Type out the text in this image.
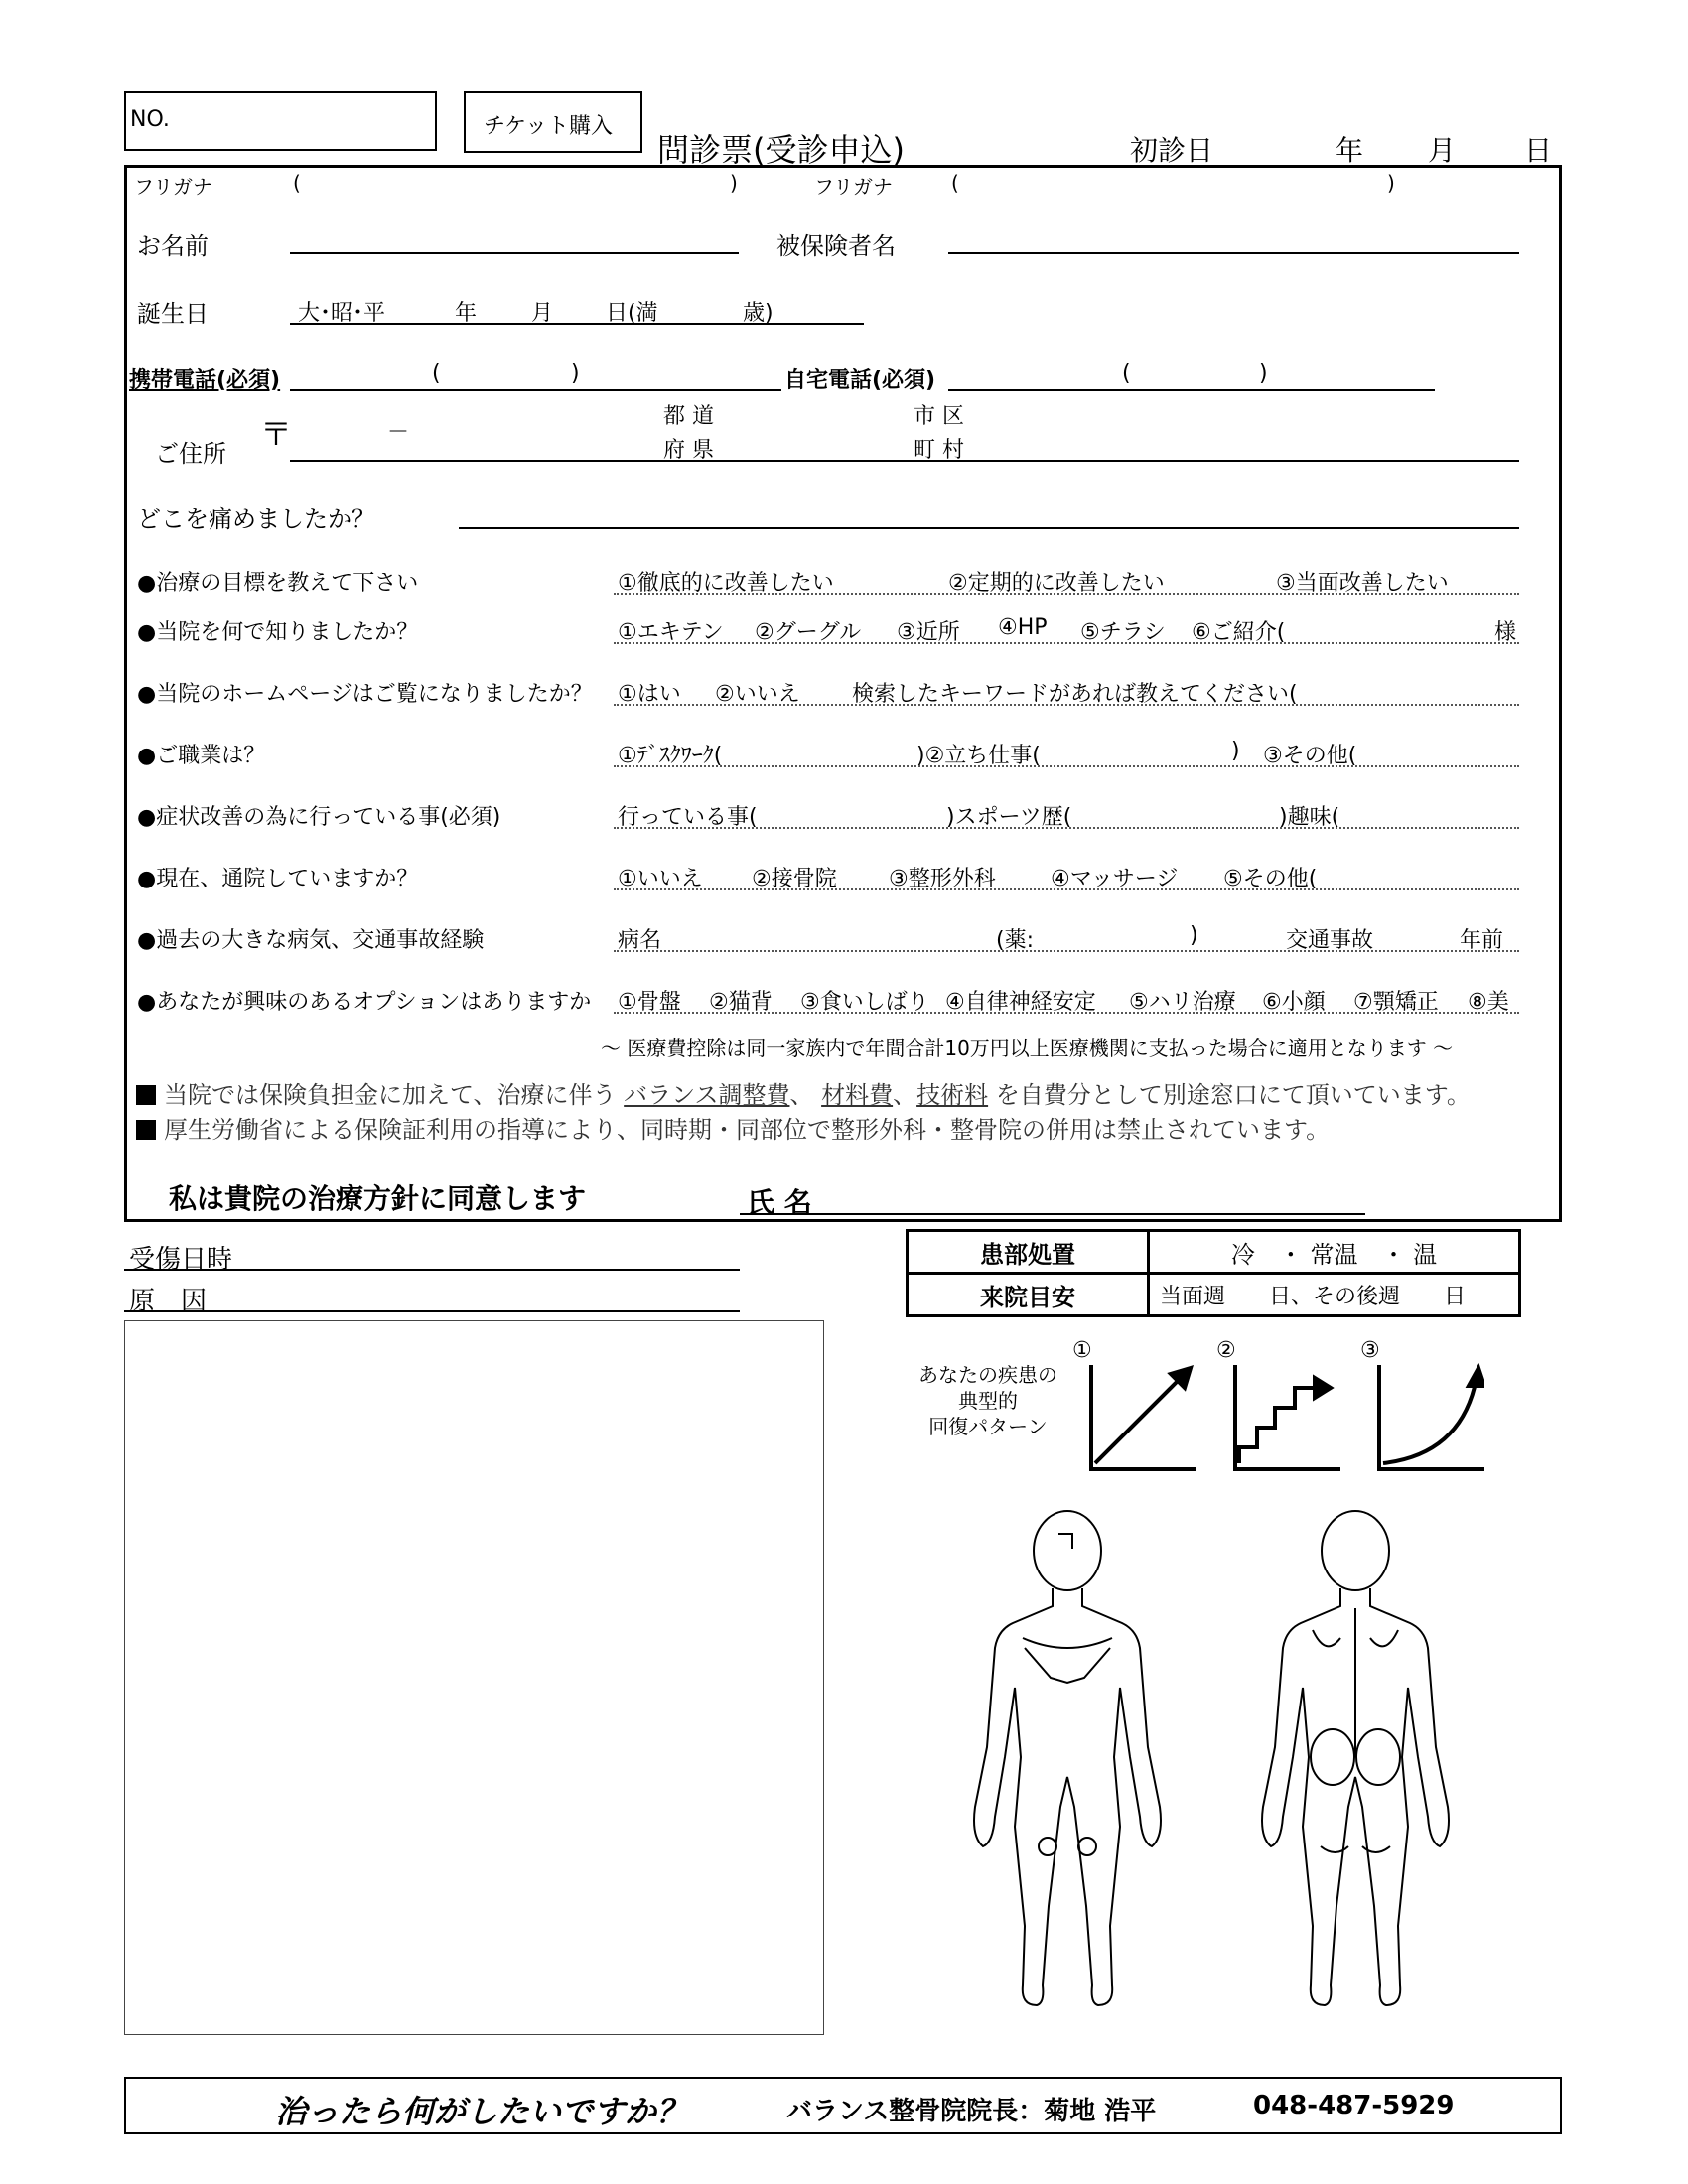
NO.	チケット購入
問診票(受診申込)	初診日	年 月 日
フリガナ	(	)	フリガナ	(	)
お名前	被保険者名
誕生日	大･昭･平	年 月 日(満	歳)
携帯電話(必須)	(	)	自宅電話(必須)	(	)
ご住所
〒	－
都 道
府 県
市 区
町 村
どこを痛めましたか？
●治療の目標を教えて下さい	①徹底的に改善したい	②定期的に改善したい	③当面改善したい
●当院を何で知りましたか？	①エキテン ②グーグル ③近所 ④HP ⑤チラシ ⑥ご紹介(	様
●当院のホームページはご覧になりましたか？ ①はい ②いいえ 検索したキーワードがあれば教えてください(
●ご職業は？	①ﾃﾞｽｸﾜｰｸ(	)②立ち仕事(	) ③その他(
●症状改善の為に行っている事(必須)	行っている事(	)スポーツ歴(	)趣味(
●現在、通院していますか？	①いいえ ②接骨院 ③整形外科	④マッサージ ⑤その他(
●過去の大きな病気、交通事故経験	病名	(薬:	)	交通事故	年前
●あなたが興味のあるオプションはありますか ①骨盤 ②猫背 ③食いしばり ④自律神経安定 ⑤ハリ治療 ⑥小顔 ⑦顎矯正 ⑧美
～ 医療費控除は同一家族内で年間合計10万円以上医療機関に支払った場合に適用となります ～
当院では保険負担金に加えて、治療に伴う バランス調整費、 材料費、技術料 を自費分として別途窓口にて頂いています。
厚生労働省による保険証利用の指導により、同時期・同部位で整形外科・整骨院の併用は禁止されています。
私は貴院の治療方針に同意します	氏 名
受傷日時
原　因
患部処置	冷　・ 常温　・ 温
来院目安	当面週　　日、その後週　　日
あなたの疾患の
典型的
回復パターン
①	②	③
治ったら何がしたいですか？	バランス整骨院院長：菊地 浩平	048-487-5929
